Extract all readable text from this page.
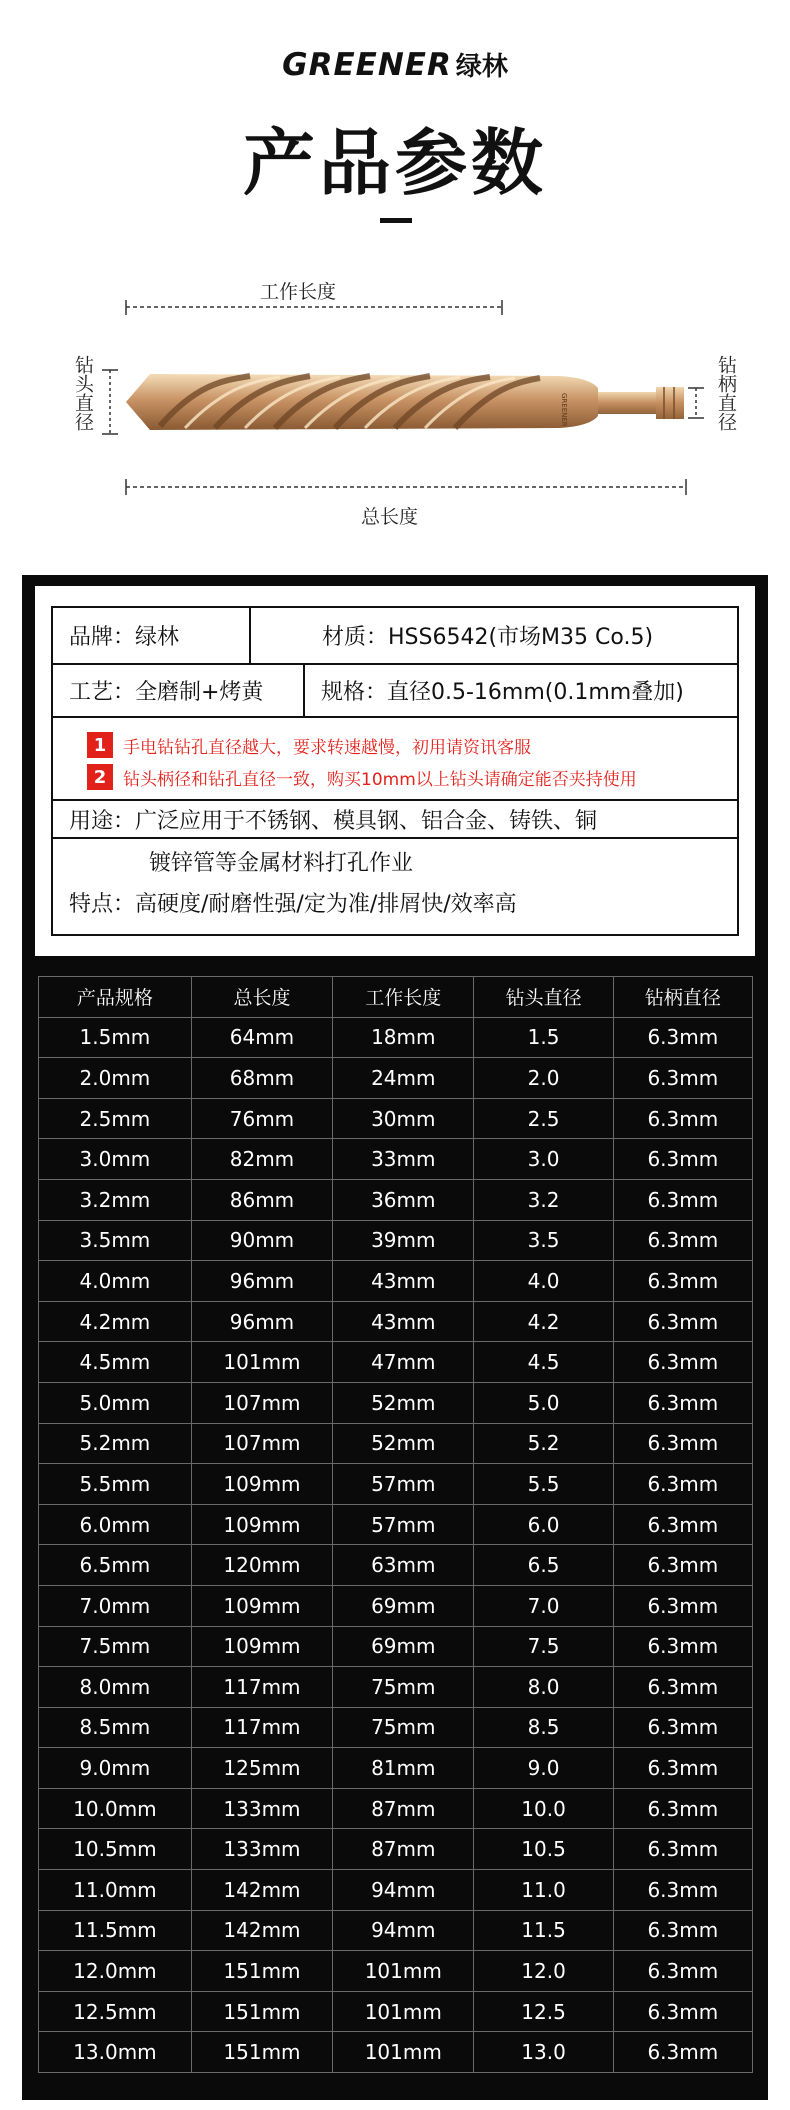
GREENER 绿林
产品参数
工作长度
总长度
钻头直径	钻柄直径
GREENER
品牌：绿林	材质：HSS6542(市场M35 Co.5)
工艺：全磨制+烤黄	规格：直径0.5-16mm(0.1mm叠加)
1 手电钻钻孔直径越大，要求转速越慢，初用请资讯客服
2 钻头柄径和钻孔直径一致，购买10mm以上钻头请确定能否夹持使用
用途：广泛应用于不锈钢、模具钢、铝合金、铸铁、铜
镀锌管等金属材料打孔作业
特点：高硬度/耐磨性强/定为准/排屑快/效率高
产品规格	总长度	工作长度	钻头直径	钻柄直径
1.5mm	64mm	18mm	1.5	6.3mm
2.0mm	68mm	24mm	2.0	6.3mm
2.5mm	76mm	30mm	2.5	6.3mm
3.0mm	82mm	33mm	3.0	6.3mm
3.2mm	86mm	36mm	3.2	6.3mm
3.5mm	90mm	39mm	3.5	6.3mm
4.0mm	96mm	43mm	4.0	6.3mm
4.2mm	96mm	43mm	4.2	6.3mm
4.5mm	101mm	47mm	4.5	6.3mm
5.0mm	107mm	52mm	5.0	6.3mm
5.2mm	107mm	52mm	5.2	6.3mm
5.5mm	109mm	57mm	5.5	6.3mm
6.0mm	109mm	57mm	6.0	6.3mm
6.5mm	120mm	63mm	6.5	6.3mm
7.0mm	109mm	69mm	7.0	6.3mm
7.5mm	109mm	69mm	7.5	6.3mm
8.0mm	117mm	75mm	8.0	6.3mm
8.5mm	117mm	75mm	8.5	6.3mm
9.0mm	125mm	81mm	9.0	6.3mm
10.0mm	133mm	87mm	10.0	6.3mm
10.5mm	133mm	87mm	10.5	6.3mm
11.0mm	142mm	94mm	11.0	6.3mm
11.5mm	142mm	94mm	11.5	6.3mm
12.0mm	151mm	101mm	12.0	6.3mm
12.5mm	151mm	101mm	12.5	6.3mm
13.0mm	151mm	101mm	13.0	6.3mm
